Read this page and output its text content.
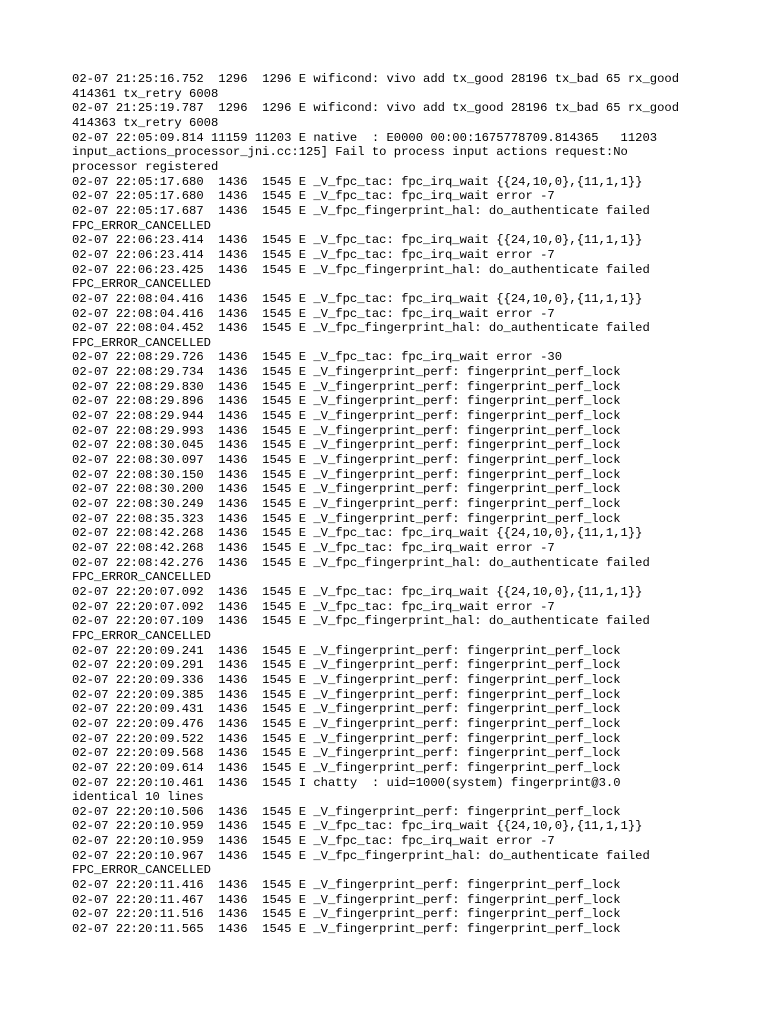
02-07 21:25:16.752  1296  1296 E wificond: vivo add tx_good 28196 tx_bad 65 rx_good
414361 tx_retry 6008
02-07 21:25:19.787  1296  1296 E wificond: vivo add tx_good 28196 tx_bad 65 rx_good
414363 tx_retry 6008
02-07 22:05:09.814 11159 11203 E native  : E0000 00:00:1675778709.814365   11203
input_actions_processor_jni.cc:125] Fail to process input actions request:No
processor registered
02-07 22:05:17.680  1436  1545 E _V_fpc_tac: fpc_irq_wait {{24,10,0},{11,1,1}}
02-07 22:05:17.680  1436  1545 E _V_fpc_tac: fpc_irq_wait error -7
02-07 22:05:17.687  1436  1545 E _V_fpc_fingerprint_hal: do_authenticate failed
FPC_ERROR_CANCELLED
02-07 22:06:23.414  1436  1545 E _V_fpc_tac: fpc_irq_wait {{24,10,0},{11,1,1}}
02-07 22:06:23.414  1436  1545 E _V_fpc_tac: fpc_irq_wait error -7
02-07 22:06:23.425  1436  1545 E _V_fpc_fingerprint_hal: do_authenticate failed
FPC_ERROR_CANCELLED
02-07 22:08:04.416  1436  1545 E _V_fpc_tac: fpc_irq_wait {{24,10,0},{11,1,1}}
02-07 22:08:04.416  1436  1545 E _V_fpc_tac: fpc_irq_wait error -7
02-07 22:08:04.452  1436  1545 E _V_fpc_fingerprint_hal: do_authenticate failed
FPC_ERROR_CANCELLED
02-07 22:08:29.726  1436  1545 E _V_fpc_tac: fpc_irq_wait error -30
02-07 22:08:29.734  1436  1545 E _V_fingerprint_perf: fingerprint_perf_lock
02-07 22:08:29.830  1436  1545 E _V_fingerprint_perf: fingerprint_perf_lock
02-07 22:08:29.896  1436  1545 E _V_fingerprint_perf: fingerprint_perf_lock
02-07 22:08:29.944  1436  1545 E _V_fingerprint_perf: fingerprint_perf_lock
02-07 22:08:29.993  1436  1545 E _V_fingerprint_perf: fingerprint_perf_lock
02-07 22:08:30.045  1436  1545 E _V_fingerprint_perf: fingerprint_perf_lock
02-07 22:08:30.097  1436  1545 E _V_fingerprint_perf: fingerprint_perf_lock
02-07 22:08:30.150  1436  1545 E _V_fingerprint_perf: fingerprint_perf_lock
02-07 22:08:30.200  1436  1545 E _V_fingerprint_perf: fingerprint_perf_lock
02-07 22:08:30.249  1436  1545 E _V_fingerprint_perf: fingerprint_perf_lock
02-07 22:08:35.323  1436  1545 E _V_fingerprint_perf: fingerprint_perf_lock
02-07 22:08:42.268  1436  1545 E _V_fpc_tac: fpc_irq_wait {{24,10,0},{11,1,1}}
02-07 22:08:42.268  1436  1545 E _V_fpc_tac: fpc_irq_wait error -7
02-07 22:08:42.276  1436  1545 E _V_fpc_fingerprint_hal: do_authenticate failed
FPC_ERROR_CANCELLED
02-07 22:20:07.092  1436  1545 E _V_fpc_tac: fpc_irq_wait {{24,10,0},{11,1,1}}
02-07 22:20:07.092  1436  1545 E _V_fpc_tac: fpc_irq_wait error -7
02-07 22:20:07.109  1436  1545 E _V_fpc_fingerprint_hal: do_authenticate failed
FPC_ERROR_CANCELLED
02-07 22:20:09.241  1436  1545 E _V_fingerprint_perf: fingerprint_perf_lock
02-07 22:20:09.291  1436  1545 E _V_fingerprint_perf: fingerprint_perf_lock
02-07 22:20:09.336  1436  1545 E _V_fingerprint_perf: fingerprint_perf_lock
02-07 22:20:09.385  1436  1545 E _V_fingerprint_perf: fingerprint_perf_lock
02-07 22:20:09.431  1436  1545 E _V_fingerprint_perf: fingerprint_perf_lock
02-07 22:20:09.476  1436  1545 E _V_fingerprint_perf: fingerprint_perf_lock
02-07 22:20:09.522  1436  1545 E _V_fingerprint_perf: fingerprint_perf_lock
02-07 22:20:09.568  1436  1545 E _V_fingerprint_perf: fingerprint_perf_lock
02-07 22:20:09.614  1436  1545 E _V_fingerprint_perf: fingerprint_perf_lock
02-07 22:20:10.461  1436  1545 I chatty  : uid=1000(system) fingerprint@3.0
identical 10 lines
02-07 22:20:10.506  1436  1545 E _V_fingerprint_perf: fingerprint_perf_lock
02-07 22:20:10.959  1436  1545 E _V_fpc_tac: fpc_irq_wait {{24,10,0},{11,1,1}}
02-07 22:20:10.959  1436  1545 E _V_fpc_tac: fpc_irq_wait error -7
02-07 22:20:10.967  1436  1545 E _V_fpc_fingerprint_hal: do_authenticate failed
FPC_ERROR_CANCELLED
02-07 22:20:11.416  1436  1545 E _V_fingerprint_perf: fingerprint_perf_lock
02-07 22:20:11.467  1436  1545 E _V_fingerprint_perf: fingerprint_perf_lock
02-07 22:20:11.516  1436  1545 E _V_fingerprint_perf: fingerprint_perf_lock
02-07 22:20:11.565  1436  1545 E _V_fingerprint_perf: fingerprint_perf_lock
